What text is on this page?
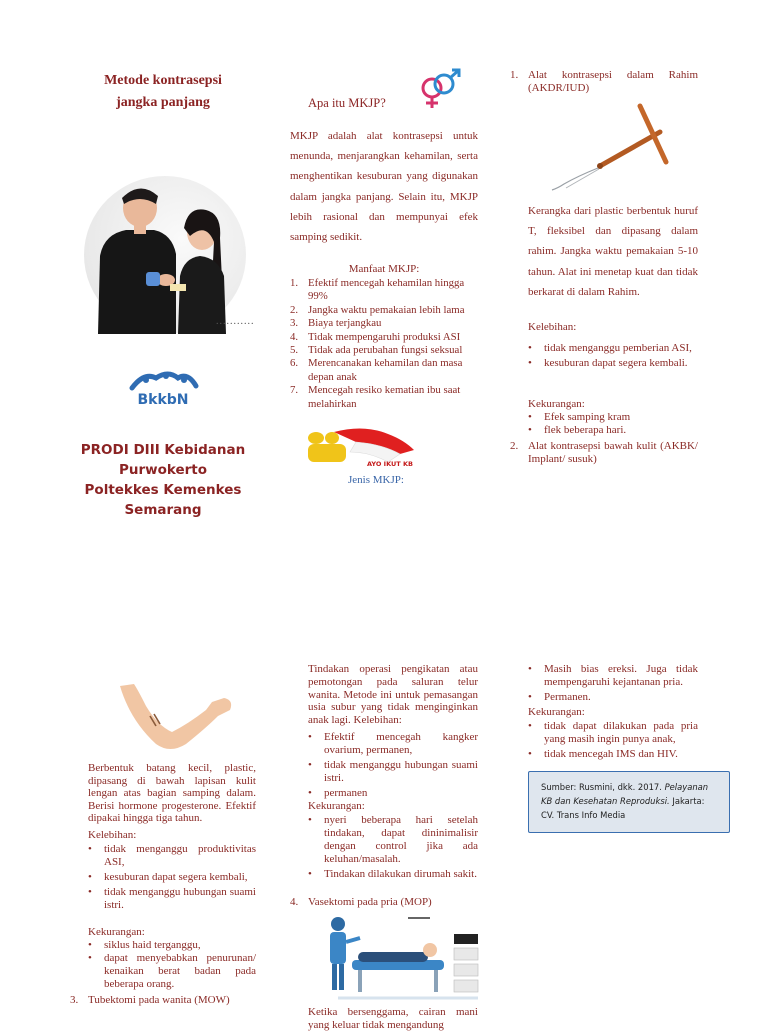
Metode kontrasepsi
jangka panjang
...........
BkkbN
PRODI DIII Kebidanan
Purwokerto
Poltekkes Kemenkes
Semarang
Apa itu MKJP?
MKJP adalah alat kontrasepsi untuk menunda, menjarangkan kehamilan, serta menghentikan kesuburan yang digunakan dalam jangka panjang. Selain itu, MKJP lebih rasional dan mempunyai efek samping sedikit.
Manfaat MKJP:
1. Efektif mencegah kehamilan hingga 99%
2. Jangka waktu pemakaian lebih lama
3. Biaya terjangkau
4. Tidak mempengaruhi produksi ASI
5. Tidak ada perubahan fungsi seksual
6. Merencanakan kehamilan dan masa depan anak
7. Mencegah resiko kematian ibu saat melahirkan
AYO IKUT KB
Jenis MKJP:
1. Alat kontrasepsi dalam Rahim (AKDR/IUD)
Kerangka dari plastic berbentuk huruf T, fleksibel dan dipasang dalam rahim. Jangka waktu pemakaian 5-10 tahun. Alat ini menetap kuat dan tidak berkarat di dalam Rahim.
Kelebihan:
•	tidak menganggu pemberian ASI,
•	kesuburan dapat segera kembali.
Kekurangan:
•	Efek samping kram
•	flek beberapa hari.
2. Alat kontrasepsi bawah kulit (AKBK/ Implant/ susuk)
Berbentuk batang kecil, plastic, dipasang di bawah lapisan kulit lengan atas bagian samping dalam. Berisi hormone progesterone. Efektif dipakai hingga tiga tahun.
Kelebihan:
•	tidak menganggu produktivitas ASI,
•	kesuburan dapat segera kembali,
•	tidak menganggu hubungan suami istri.
Kekurangan:
•	siklus haid terganggu,
•	dapat menyebabkan penurunan/ kenaikan berat badan pada beberapa orang.
3. Tubektomi pada wanita (MOW)
Tindakan operasi pengikatan atau pemotongan pada saluran telur wanita. Metode ini untuk pemasangan usia subur yang tidak menginginkan anak lagi. Kelebihan:
•	Efektif mencegah kangker ovarium, permanen,
•	tidak menganggu hubungan suami istri.
•	permanen
Kekurangan:
•	nyeri beberapa hari setelah tindakan, dapat dininimalisir dengan control jika ada keluhan/masalah.
•	Tindakan dilakukan dirumah sakit.
4. Vasektomi pada pria (MOP)
Ketika bersenggama, cairan mani yang keluar tidak mengandung
•	Masih bias ereksi. Juga tidak mempengaruhi kejantanan pria.
•	Permanen.
Kekurangan:
•	tidak dapat dilakukan pada pria yang masih ingin punya anak,
•	tidak mencegah IMS dan HIV.
Sumber: Rusmini, dkk. 2017. Pelayanan KB dan Kesehatan Reproduksi. Jakarta: CV. Trans Info Media
